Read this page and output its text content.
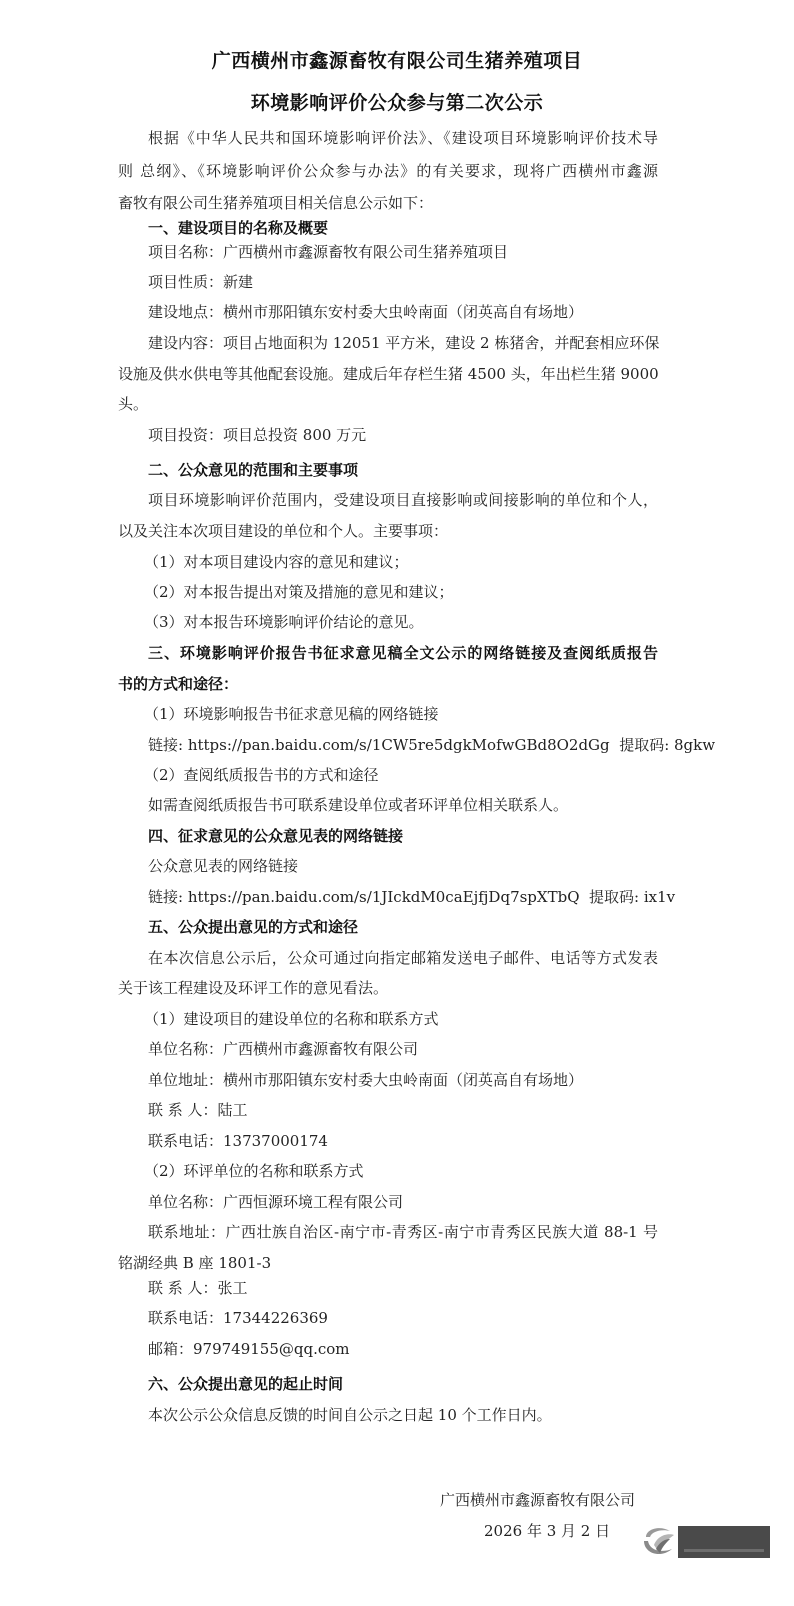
广西横州市鑫源畜牧有限公司生猪养殖项目
环境影响评价公众参与第二次公示
根据《中华人民共和国环境影响评价法》、《建设项目环境影响评价技术导
则 总纲》、《环境影响评价公众参与办法》的有关要求，现将广西横州市鑫源
畜牧有限公司生猪养殖项目相关信息公示如下：
一、建设项目的名称及概要
项目名称：广西横州市鑫源畜牧有限公司生猪养殖项目
项目性质：新建
建设地点：横州市那阳镇东安村委大虫岭南面（闭英高自有场地）
建设内容：项目占地面积为 12051 平方米，建设 2 栋猪舍，并配套相应环保
设施及供水供电等其他配套设施。建成后年存栏生猪 4500 头，年出栏生猪 9000
头。
项目投资：项目总投资 800 万元
二、公众意见的范围和主要事项
项目环境影响评价范围内，受建设项目直接影响或间接影响的单位和个人，
以及关注本次项目建设的单位和个人。主要事项：
（1）对本项目建设内容的意见和建议；
（2）对本报告提出对策及措施的意见和建议；
（3）对本报告环境影响评价结论的意见。
三、环境影响评价报告书征求意见稿全文公示的网络链接及查阅纸质报告
书的方式和途径：
（1）环境影响报告书征求意见稿的网络链接
链接: https://pan.baidu.com/s/1CW5re5dgkMofwGBd8O2dGg 提取码: 8gkw
（2）查阅纸质报告书的方式和途径
如需查阅纸质报告书可联系建设单位或者环评单位相关联系人。
四、征求意见的公众意见表的网络链接
公众意见表的网络链接
链接: https://pan.baidu.com/s/1JIckdM0caEjfjDq7spXTbQ 提取码: ix1v
五、公众提出意见的方式和途径
在本次信息公示后，公众可通过向指定邮箱发送电子邮件、电话等方式发表
关于该工程建设及环评工作的意见看法。
（1）建设项目的建设单位的名称和联系方式
单位名称：广西横州市鑫源畜牧有限公司
单位地址：横州市那阳镇东安村委大虫岭南面（闭英高自有场地）
联 系 人：陆工
联系电话：13737000174
（2）环评单位的名称和联系方式
单位名称：广西恒源环境工程有限公司
联系地址：广西壮族自治区-南宁市-青秀区-南宁市青秀区民族大道 88-1 号
铭湖经典 B 座 1801-3
联 系 人：张工
联系电话：17344226369
邮箱：979749155@qq.com
六、公众提出意见的起止时间
本次公示公众信息反馈的时间自公示之日起 10 个工作日内。
广西横州市鑫源畜牧有限公司
2026 年 3 月 2 日
